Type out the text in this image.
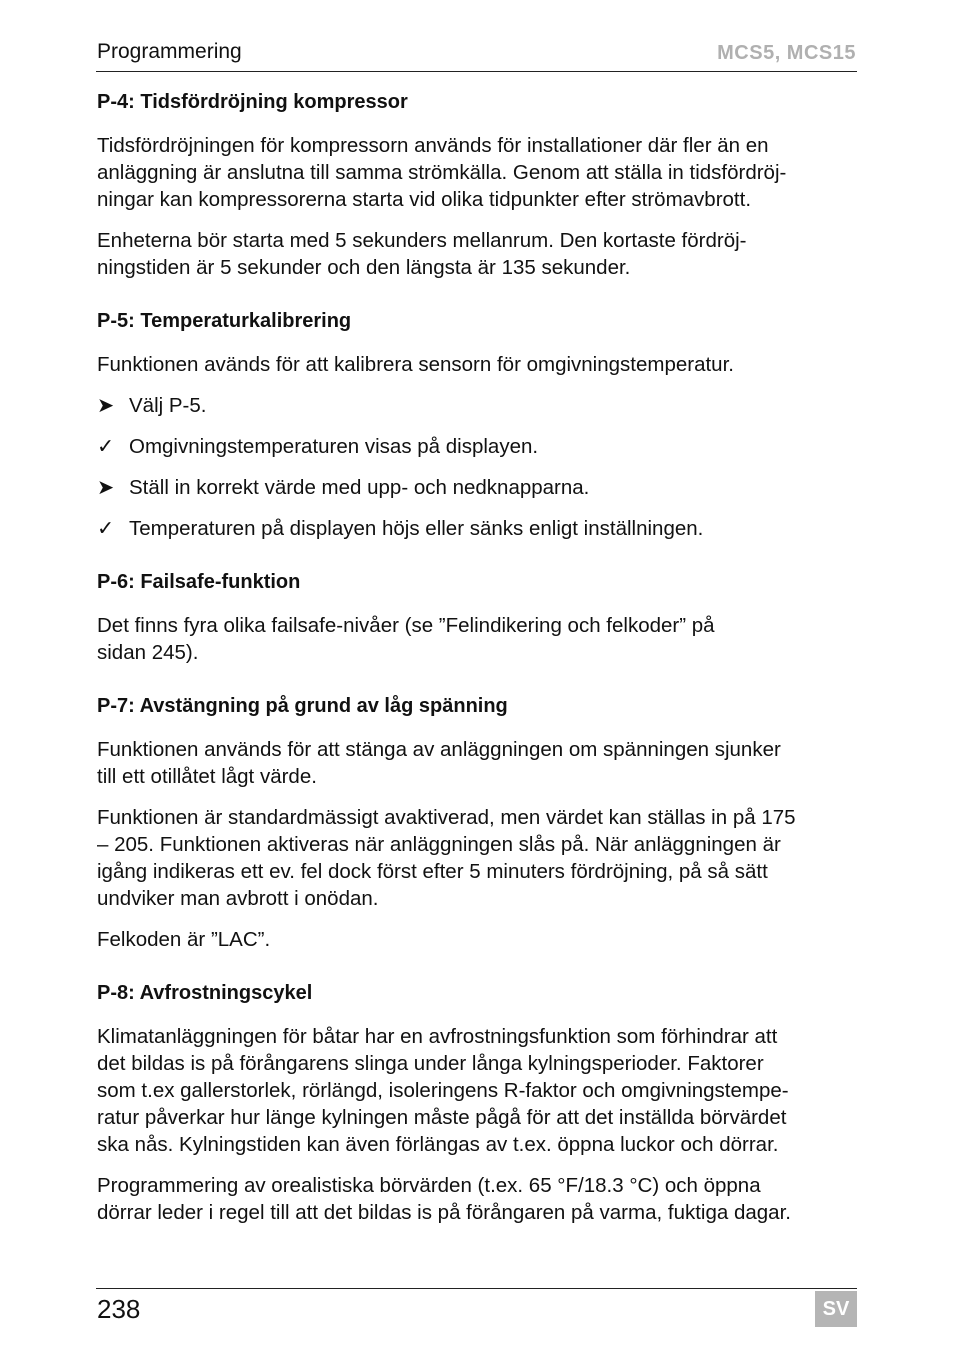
Programmering	MCS5, MCS15
P-4: Tidsfördröjning kompressor

Tidsfördröjningen för kompressorn används för installationer där fler än en
anläggning är anslutna till samma strömkälla. Genom att ställa in tidsfördröj-
ningar kan kompressorerna starta vid olika tidpunkter efter strömavbrott.

Enheterna bör starta med 5 sekunders mellanrum. Den kortaste fördröj-
ningstiden är 5 sekunder och den längsta är 135 sekunder.

P-5: Temperaturkalibrering

Funktionen avänds för att kalibrera sensorn för omgivningstemperatur.

➤ Välj P-5.
✓ Omgivningstemperaturen visas på displayen.
➤ Ställ in korrekt värde med upp- och nedknapparna.
✓ Temperaturen på displayen höjs eller sänks enligt inställningen.
P-6: Failsafe-funktion

Det finns fyra olika failsafe-nivåer (se ”Felindikering och felkoder” på
sidan 245).

P-7: Avstängning på grund av låg spänning

Funktionen används för att stänga av anläggningen om spänningen sjunker
till ett otillåtet lågt värde.

Funktionen är standardmässigt avaktiverad, men värdet kan ställas in på 175
– 205. Funktionen aktiveras när anläggningen slås på. När anläggningen är
igång indikeras ett ev. fel dock först efter 5 minuters fördröjning, på så sätt
undviker man avbrott i onödan.

Felkoden är ”LAC”.

P-8: Avfrostningscykel

Klimatanläggningen för båtar har en avfrostningsfunktion som förhindrar att
det bildas is på förångarens slinga under långa kylningsperioder. Faktorer
som t.ex gallerstorlek, rörlängd, isoleringens R-faktor och omgivningstempe-
ratur påverkar hur länge kylningen måste pågå för att det inställda börvärdet
ska nås. Kylningstiden kan även förlängas av t.ex. öppna luckor och dörrar.

Programmering av orealistiska börvärden (t.ex. 65 °F/18.3 °C) och öppna
dörrar leder i regel till att det bildas is på förångaren på varma, fuktiga dagar.

238	SV
